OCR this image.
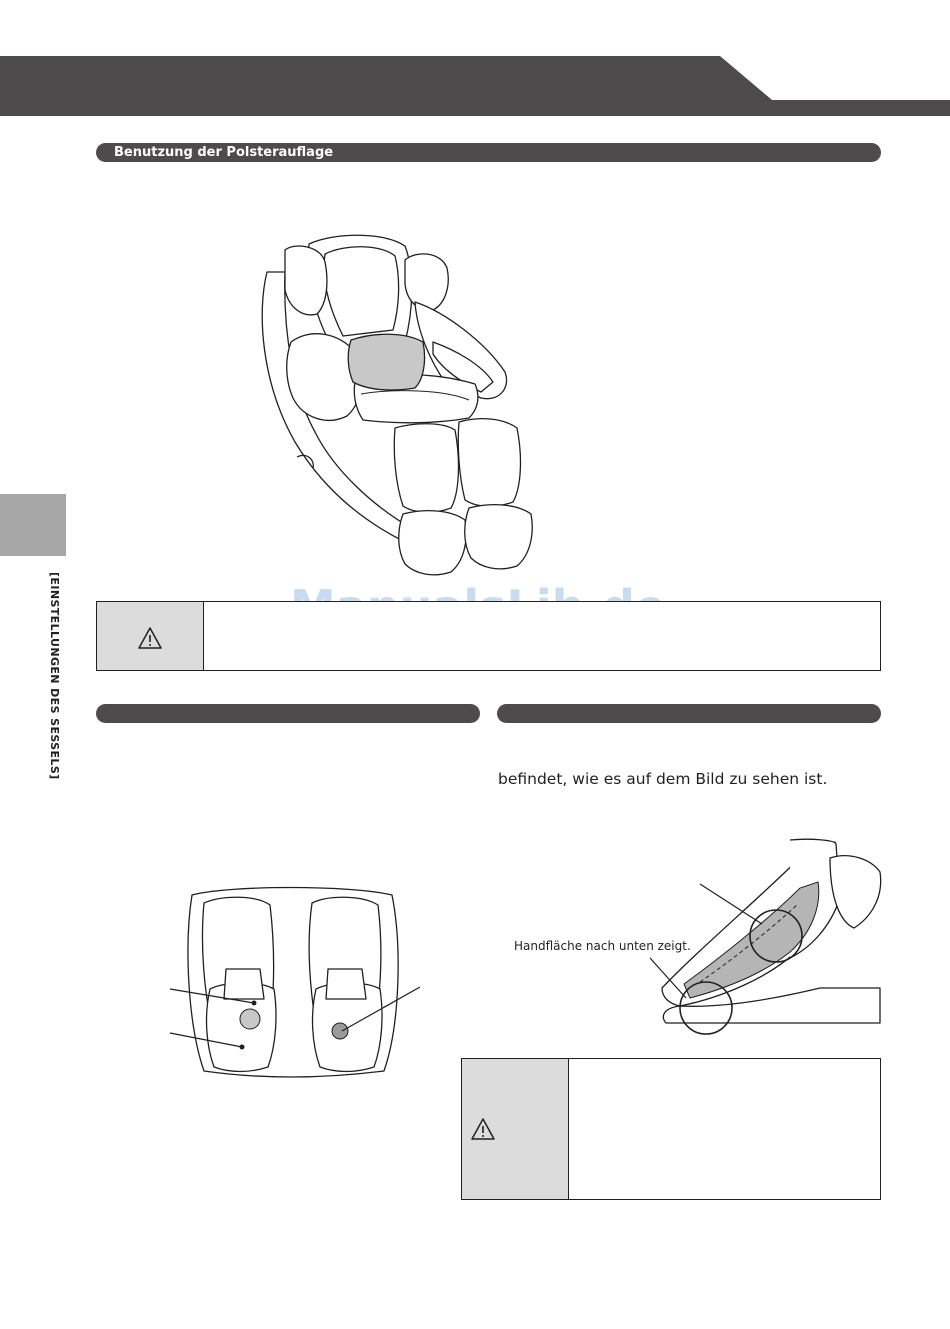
Benutzung der Polsterauflage
[EINSTELLUNGEN DES SESSELS]	befindet, wie es auf dem Bild zu sehen ist.
Handfläche nach unten zeigt.
